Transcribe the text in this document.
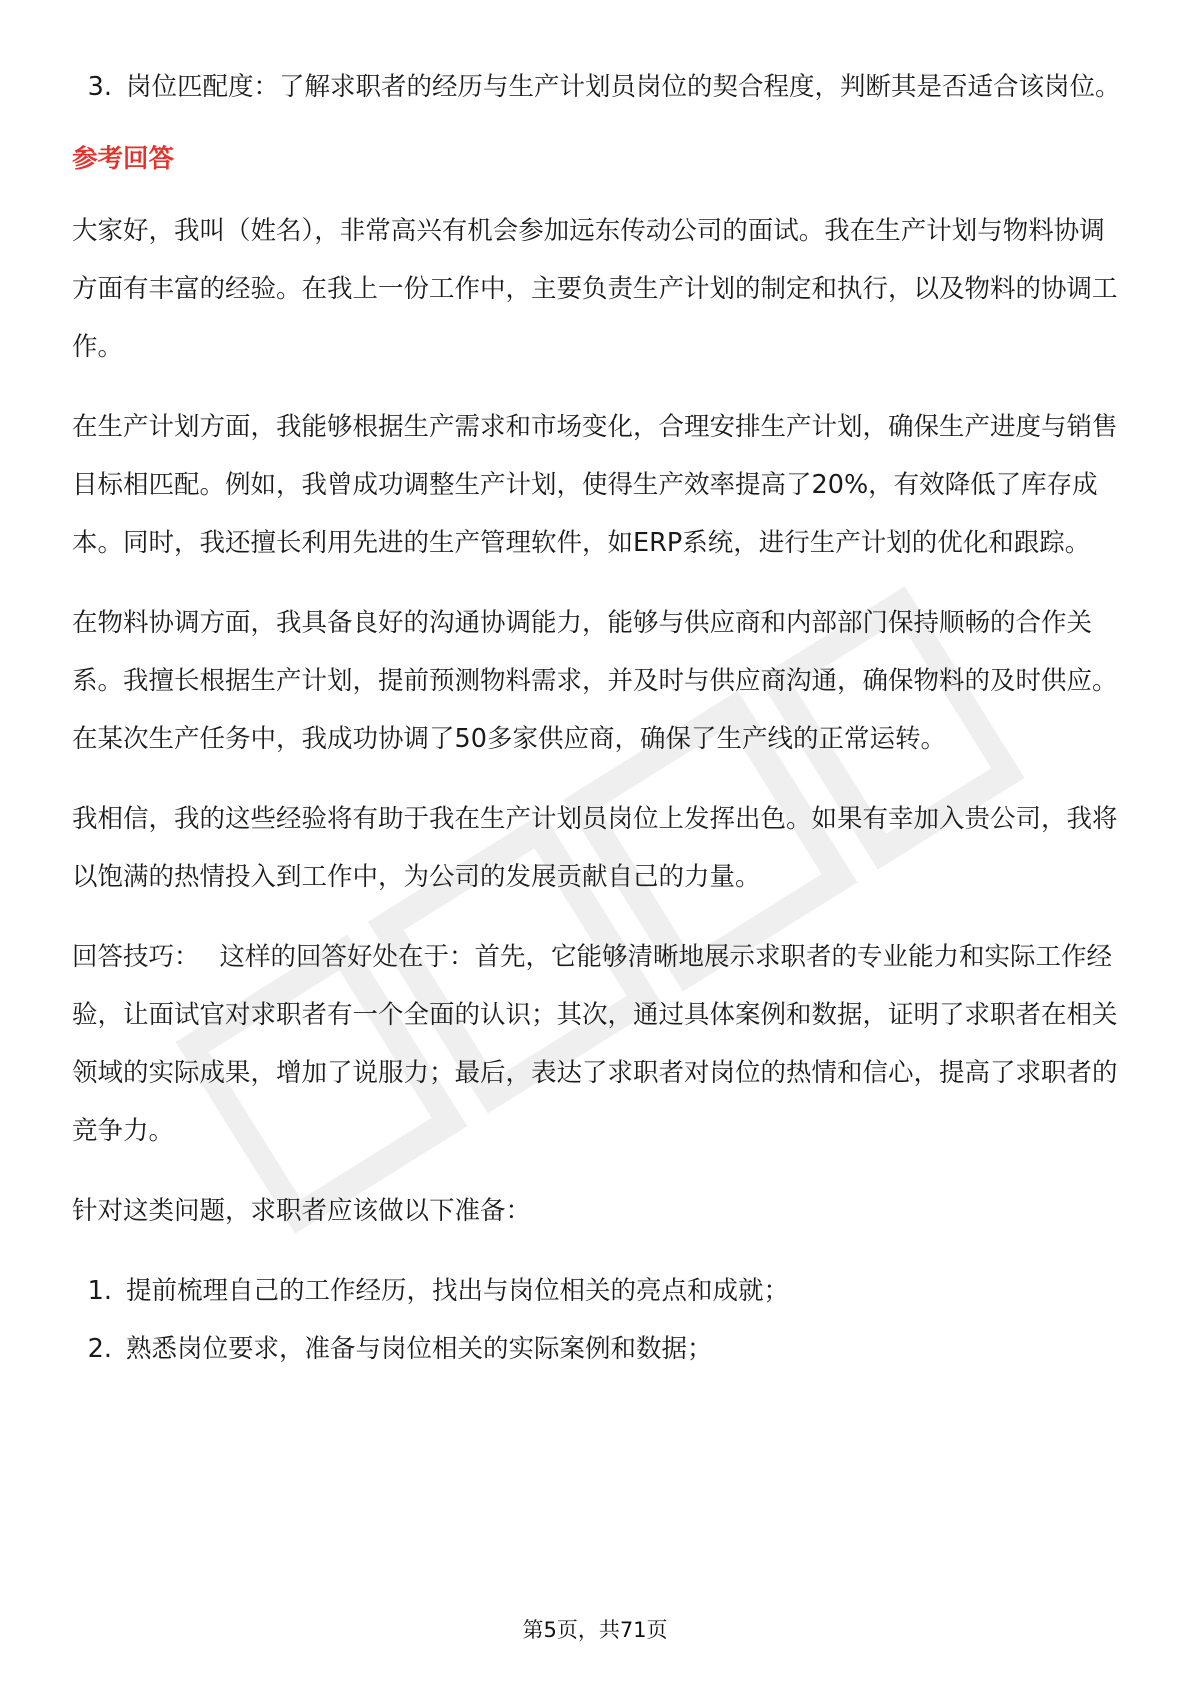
3. 岗位匹配度：了解求职者的经历与生产计划员岗位的契合程度，判断其是否适合该岗位。
参考回答

大家好，我叫（姓名），非常高兴有机会参加远东传动公司的面试。我在生产计划与物料协调方面有丰富的经验。在我上一份工作中，主要负责生产计划的制定和执行，以及物料的协调工作。

在生产计划方面，我能够根据生产需求和市场变化，合理安排生产计划，确保生产进度与销售目标相匹配。例如，我曾成功调整生产计划，使得生产效率提高了20%，有效降低了库存成本。同时，我还擅长利用先进的生产管理软件，如ERP系统，进行生产计划的优化和跟踪。

在物料协调方面，我具备良好的沟通协调能力，能够与供应商和内部部门保持顺畅的合作关系。我擅长根据生产计划，提前预测物料需求，并及时与供应商沟通，确保物料的及时供应。在某次生产任务中，我成功协调了50多家供应商，确保了生产线的正常运转。

我相信，我的这些经验将有助于我在生产计划员岗位上发挥出色。如果有幸加入贵公司，我将以饱满的热情投入到工作中，为公司的发展贡献自己的力量。

回答技巧： 这样的回答好处在于：首先，它能够清晰地展示求职者的专业能力和实际工作经验，让面试官对求职者有一个全面的认识；其次，通过具体案例和数据，证明了求职者在相关领域的实际成果，增加了说服力；最后，表达了求职者对岗位的热情和信心，提高了求职者的竞争力。

针对这类问题，求职者应该做以下准备：

1. 提前梳理自己的工作经历，找出与岗位相关的亮点和成就；
2. 熟悉岗位要求，准备与岗位相关的实际案例和数据；
第5页，共71页
